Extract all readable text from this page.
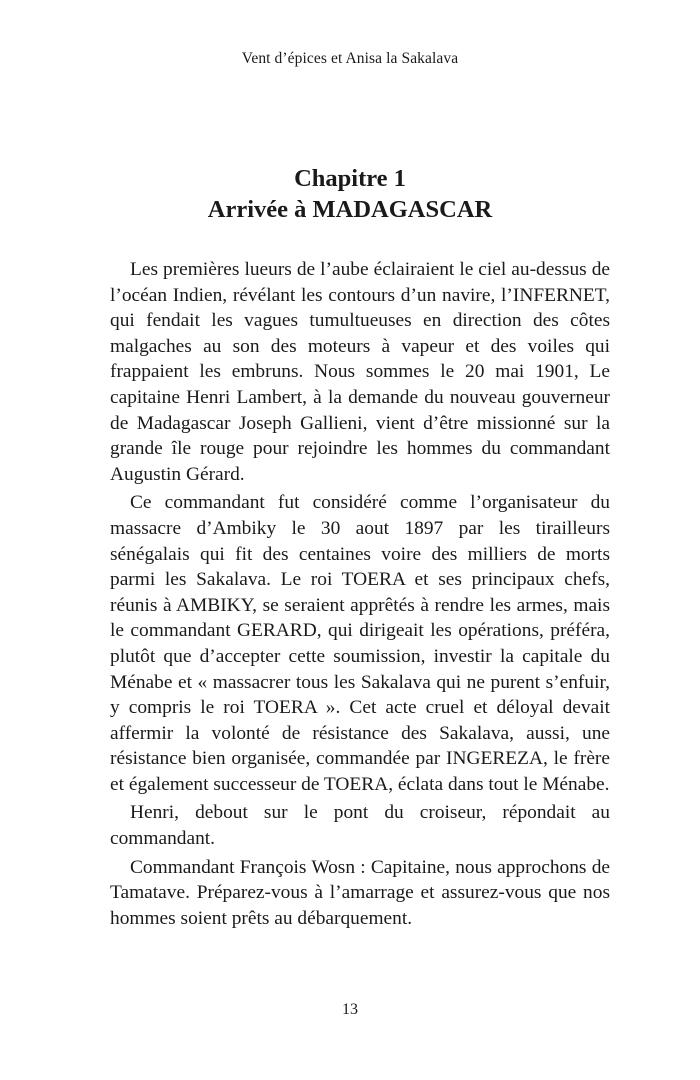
Vent d’épices et Anisa la Sakalava
Chapitre 1
Arrivée à MADAGASCAR

Les premières lueurs de l’aube éclairaient le ciel au-dessus de l’océan Indien, révélant les contours d’un navire, l’INFERNET, qui fendait les vagues tumultueuses en direction des côtes malgaches au son des moteurs à vapeur et des voiles qui frappaient les embruns. Nous sommes le 20 mai 1901, Le capitaine Henri Lambert, à la demande du nouveau gouverneur de Madagascar Joseph Gallieni, vient d’être missionné sur la grande île rouge pour rejoindre les hommes du commandant Augustin Gérard.

Ce commandant fut considéré comme l’organisateur du massacre d’Ambiky le 30 aout 1897 par les tirailleurs sénégalais qui fit des centaines voire des milliers de morts parmi les Sakalava. Le roi TOERA et ses principaux chefs, réunis à AMBIKY, se seraient apprêtés à rendre les armes, mais le commandant GERARD, qui dirigeait les opérations, préféra, plutôt que d’accepter cette soumission, investir la capitale du Ménabe et « massacrer tous les Sakalava qui ne purent s’enfuir, y compris le roi TOERA ». Cet acte cruel et déloyal devait affermir la volonté de résistance des Sakalava, aussi, une résistance bien organisée, commandée par INGEREZA, le frère et également successeur de TOERA, éclata dans tout le Ménabe.

Henri, debout sur le pont du croiseur, répondait au commandant.

Commandant François Wosn : Capitaine, nous approchons de Tamatave. Préparez-vous à l’amarrage et assurez-vous que nos hommes soient prêts au débarquement.

13
